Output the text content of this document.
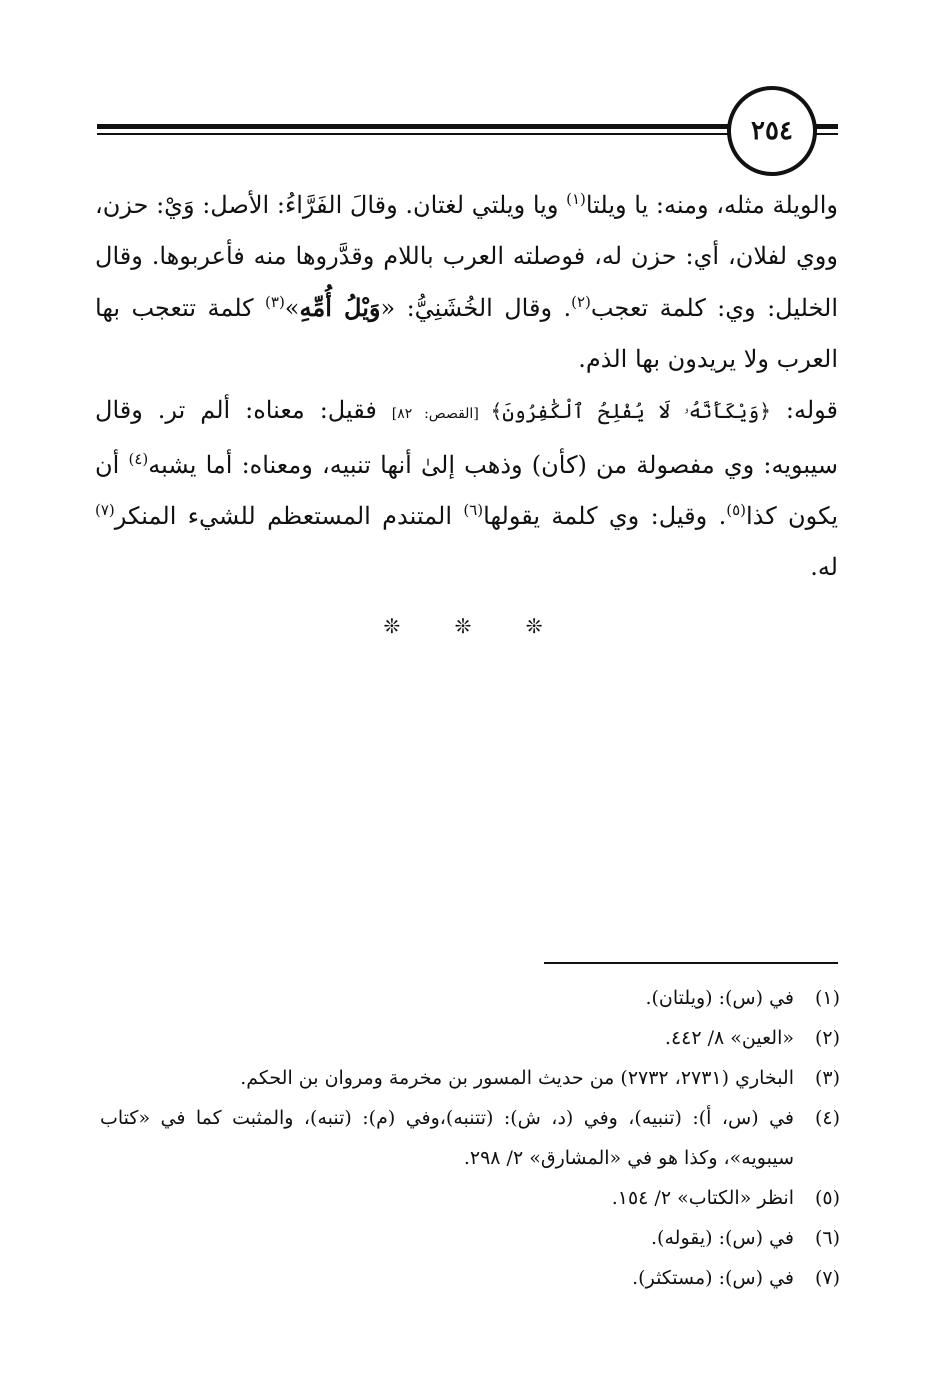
٢٥٤

والويلة مثله، ومنه: يا ويلتا$^{(١)}$ ويا ويلتي لغتان. وقالَ الفَرَّاءُ: الأصل: وَيْ: حزن، ووي لفلان، أي: حزن له، فوصلته العرب باللام وقدَّروها منه فأعربوها. وقال الخليل: وي: كلمة تعجب$^{(٢)}$. وقال الخُشَنِيُّ: «وَيْلُ أُمِّهِ»$^{(٣)}$ كلمة تتعجب بها العرب ولا يريدون بها الذم.

قوله: ﴿وَيْكَأَنَّهُۥ لَا يُفْلِحُ ٱلْكَٰفِرُونَ﴾ [القصص: ٨٢] فقيل: معناه: ألم تر. وقال سيبويه: وي مفصولة من (كأن) وذهب إلىٰ أنها تنبيه، ومعناه: أما يشبه$^{(٤)}$ أن يكون كذا$^{(٥)}$. وقيل: وي كلمة يقولها$^{(٦)}$ المتندم المستعظم للشيء المنكر$^{(٧)}$ له.

❊ ❊ ❊
(١)
في (س): (ويلتان).
(٢)
«العين» ٨/ ٤٤٢.
(٣)
البخاري (٢٧٣١، ٢٧٣٢) من حديث المسور بن مخرمة ومروان بن الحكم.
(٤)
في (س، أ): (تنبيه)، وفي (د، ش): (تتنبه)،وفي (م): (تنبه)، والمثبت كما في «كتاب سيبويه»، وكذا هو في «المشارق» ٢/ ٢٩٨.
(٥)
انظر «الكتاب» ٢/ ١٥٤.
(٦)
في (س): (يقوله).
(٧)
في (س): (مستكثر).
